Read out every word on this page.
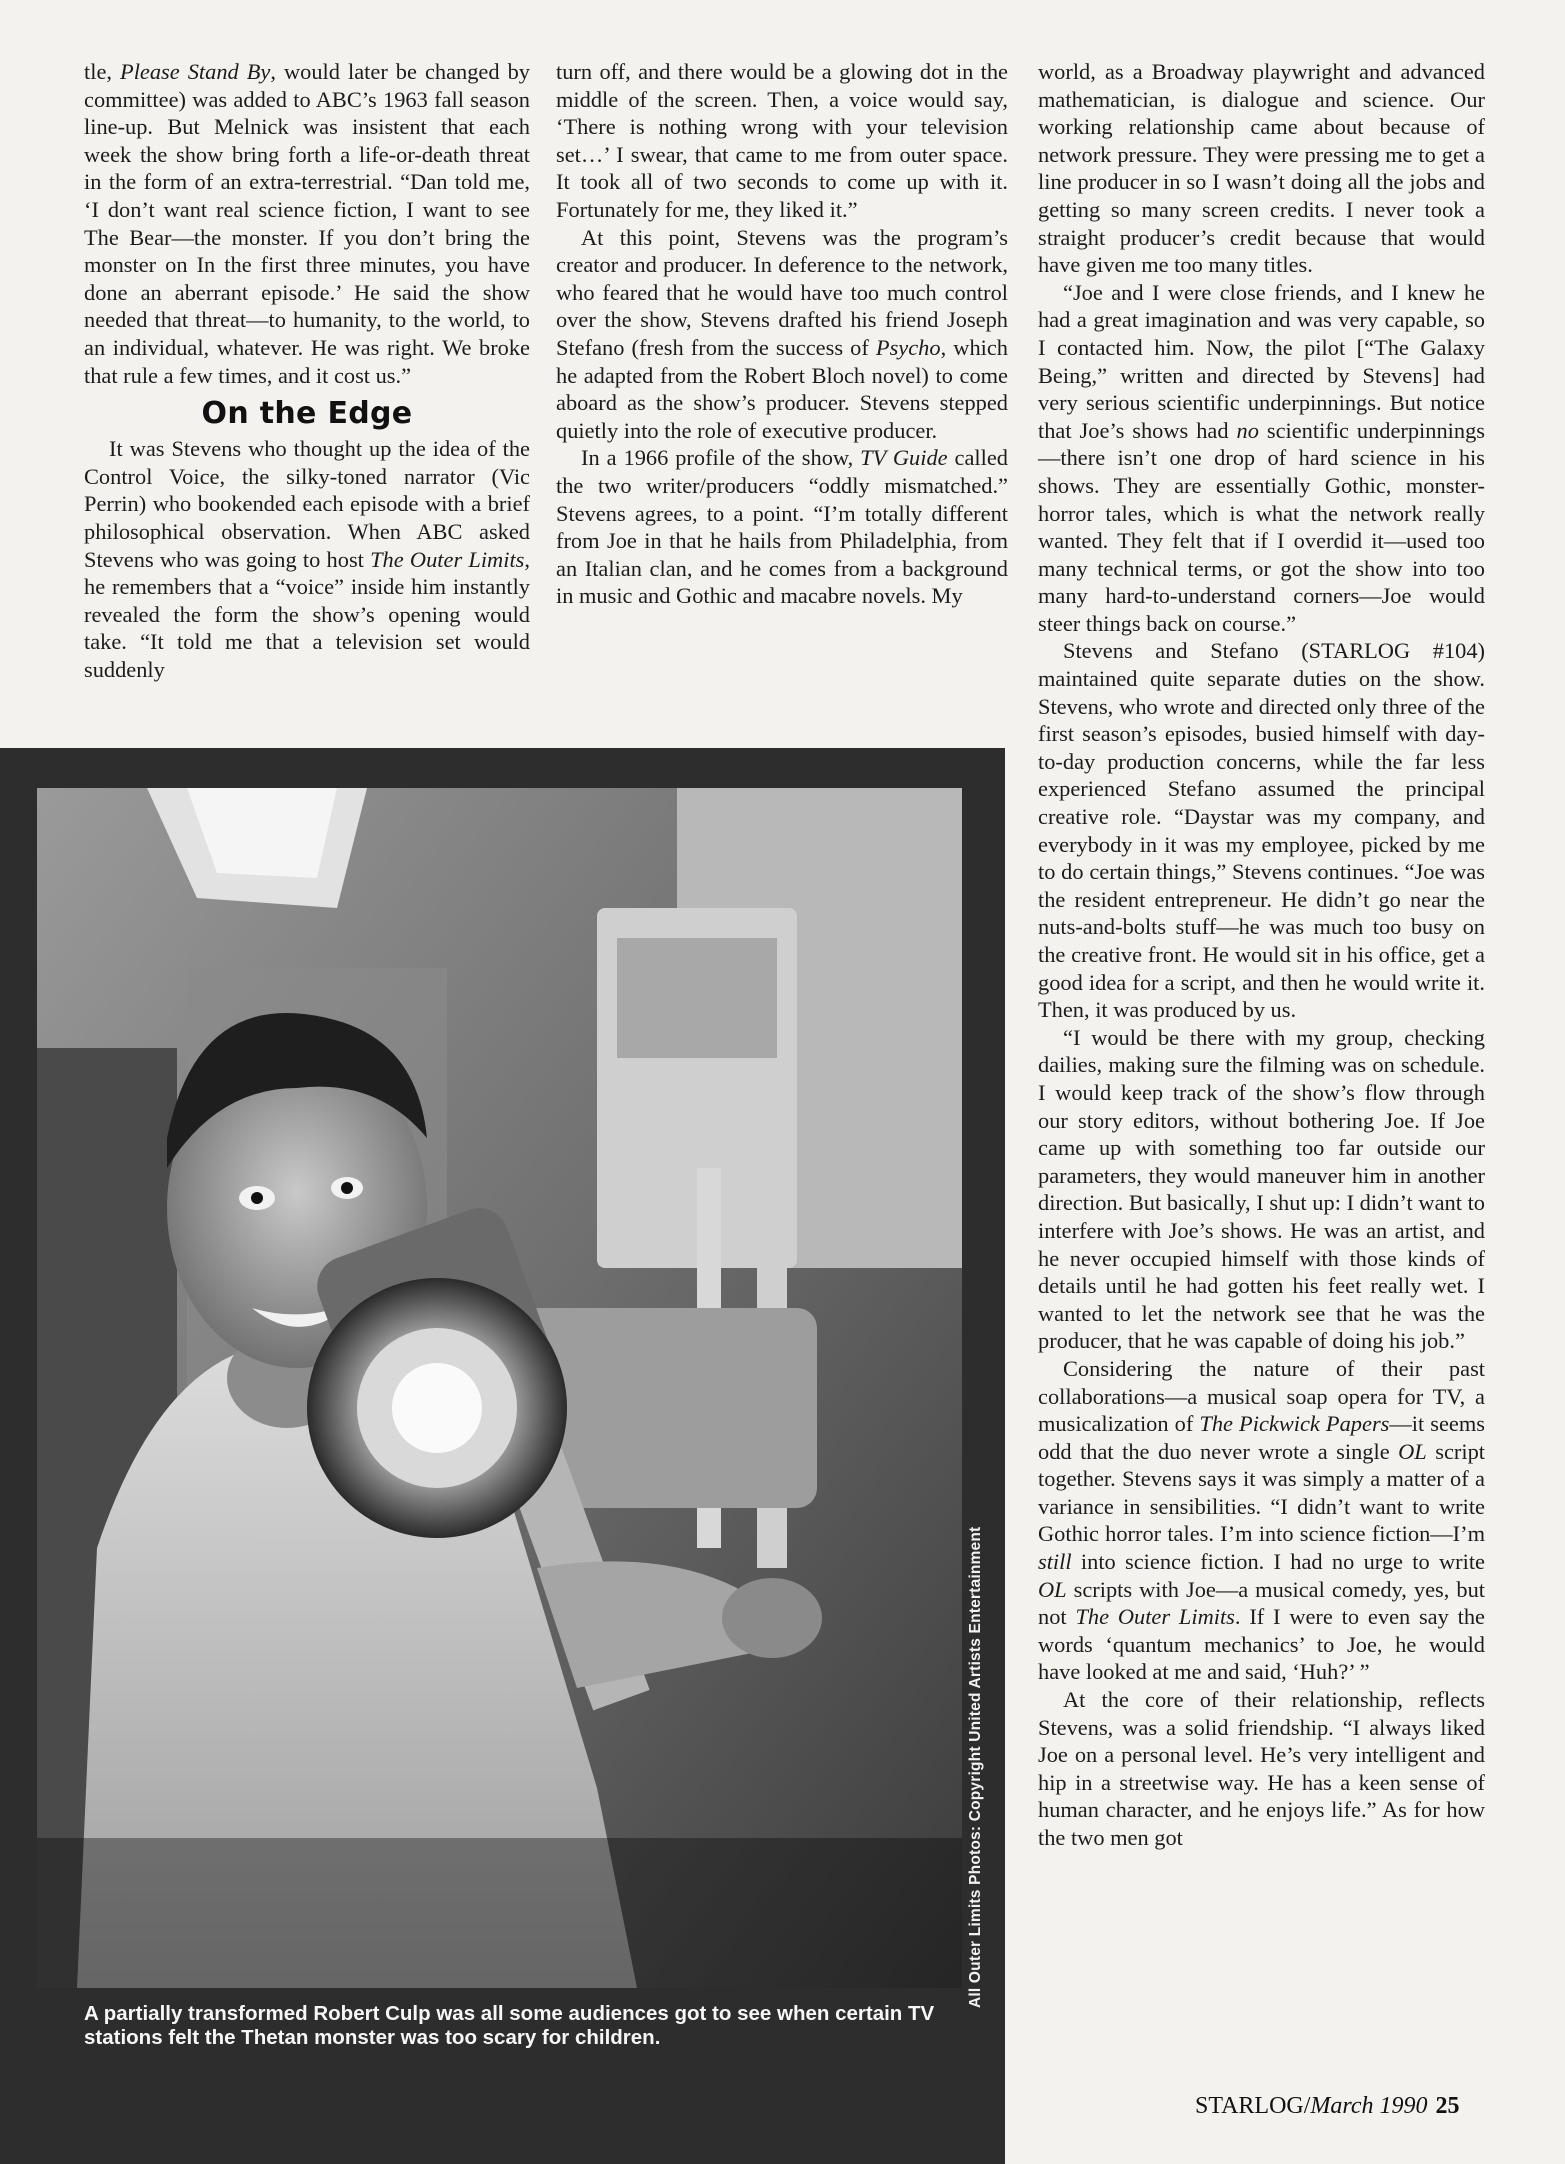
tle, Please Stand By, would later be changed by committee) was added to ABC’s 1963 fall season line-up. But Melnick was insistent that each week the show bring forth a life-or-death threat in the form of an extra-terrestrial. “Dan told me, ‘I don’t want real science fiction, I want to see The Bear—the monster. If you don’t bring the monster on In the first three minutes, you have done an aberrant episode.’ He said the show needed that threat—to humanity, to the world, to an individual, whatever. He was right. We broke that rule a few times, and it cost us.”

On the Edge

It was Stevens who thought up the idea of the Control Voice, the silky-toned narrator (Vic Perrin) who bookended each episode with a brief philosophical observation. When ABC asked Stevens who was going to host The Outer Limits, he remembers that a “voice” inside him instantly revealed the form the show’s opening would take. “It told me that a television set would suddenly

turn off, and there would be a glowing dot in the middle of the screen. Then, a voice would say, ‘There is nothing wrong with your television set…’ I swear, that came to me from outer space. It took all of two seconds to come up with it. Fortunately for me, they liked it.”

At this point, Stevens was the program’s creator and producer. In deference to the network, who feared that he would have too much control over the show, Stevens drafted his friend Joseph Stefano (fresh from the success of Psycho, which he adapted from the Robert Bloch novel) to come aboard as the show’s producer. Stevens stepped quietly into the role of executive producer.

In a 1966 profile of the show, TV Guide called the two writer/producers “oddly mismatched.” Stevens agrees, to a point. “I’m totally different from Joe in that he hails from Philadelphia, from an Italian clan, and he comes from a background in music and Gothic and macabre novels. My

world, as a Broadway playwright and advanced mathematician, is dialogue and science. Our working relationship came about because of network pressure. They were pressing me to get a line producer in so I wasn’t doing all the jobs and getting so many screen credits. I never took a straight producer’s credit because that would have given me too many titles.

“Joe and I were close friends, and I knew he had a great imagination and was very capable, so I contacted him. Now, the pilot [“The Galaxy Being,” written and directed by Stevens] had very serious scientific underpinnings. But notice that Joe’s shows had no scientific underpinnings—there isn’t one drop of hard science in his shows. They are essentially Gothic, monster-horror tales, which is what the network really wanted. They felt that if I overdid it—used too many technical terms, or got the show into too many hard-to-understand corners—Joe would steer things back on course.”

Stevens and Stefano (STARLOG #104) maintained quite separate duties on the show. Stevens, who wrote and directed only three of the first season’s episodes, busied himself with day-to-day production concerns, while the far less experienced Stefano assumed the principal creative role. “Daystar was my company, and everybody in it was my employee, picked by me to do certain things,” Stevens continues. “Joe was the resident entrepreneur. He didn’t go near the nuts-and-bolts stuff—he was much too busy on the creative front. He would sit in his office, get a good idea for a script, and then he would write it. Then, it was produced by us.

“I would be there with my group, checking dailies, making sure the filming was on schedule. I would keep track of the show’s flow through our story editors, without bothering Joe. If Joe came up with something too far outside our parameters, they would maneuver him in another direction. But basically, I shut up: I didn’t want to interfere with Joe’s shows. He was an artist, and he never occupied himself with those kinds of details until he had gotten his feet really wet. I wanted to let the network see that he was the producer, that he was capable of doing his job.”

Considering the nature of their past collaborations—a musical soap opera for TV, a musicalization of The Pickwick Papers—it seems odd that the duo never wrote a single OL script together. Stevens says it was simply a matter of a variance in sensibilities. “I didn’t want to write Gothic horror tales. I’m into science fiction—I’m still into science fiction. I had no urge to write OL scripts with Joe—a musical comedy, yes, but not The Outer Limits. If I were to even say the words ‘quantum mechanics’ to Joe, he would have looked at me and said, ‘Huh?’ ”

At the core of their relationship, reflects Stevens, was a solid friendship. “I always liked Joe on a personal level. He’s very intelligent and hip in a streetwise way. He has a keen sense of human character, and he enjoys life.” As for how the two men got

All Outer Limits Photos: Copyright United Artists Entertainment
A partially transformed Robert Culp was all some audiences got to see when certain TV stations felt the Thetan monster was too scary for children.
STARLOG/March 1990 25
